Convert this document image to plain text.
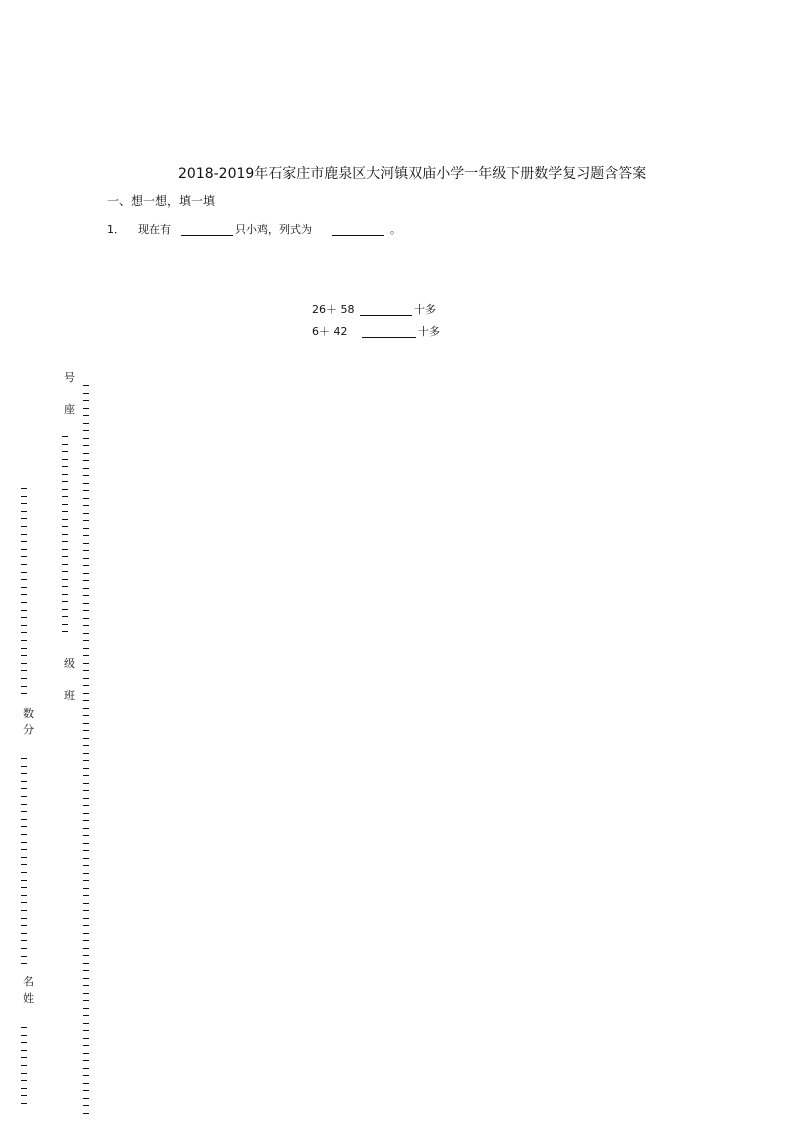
2018-2019年石家庄市鹿泉区大河镇双庙小学一年级下册数学复习题含答案
一、想一想，填一填
1． 现在有	只小鸡，列式为	。
26＋ 58	十多
6＋ 42	十多
号
座
级
班
数
分
名
姓
